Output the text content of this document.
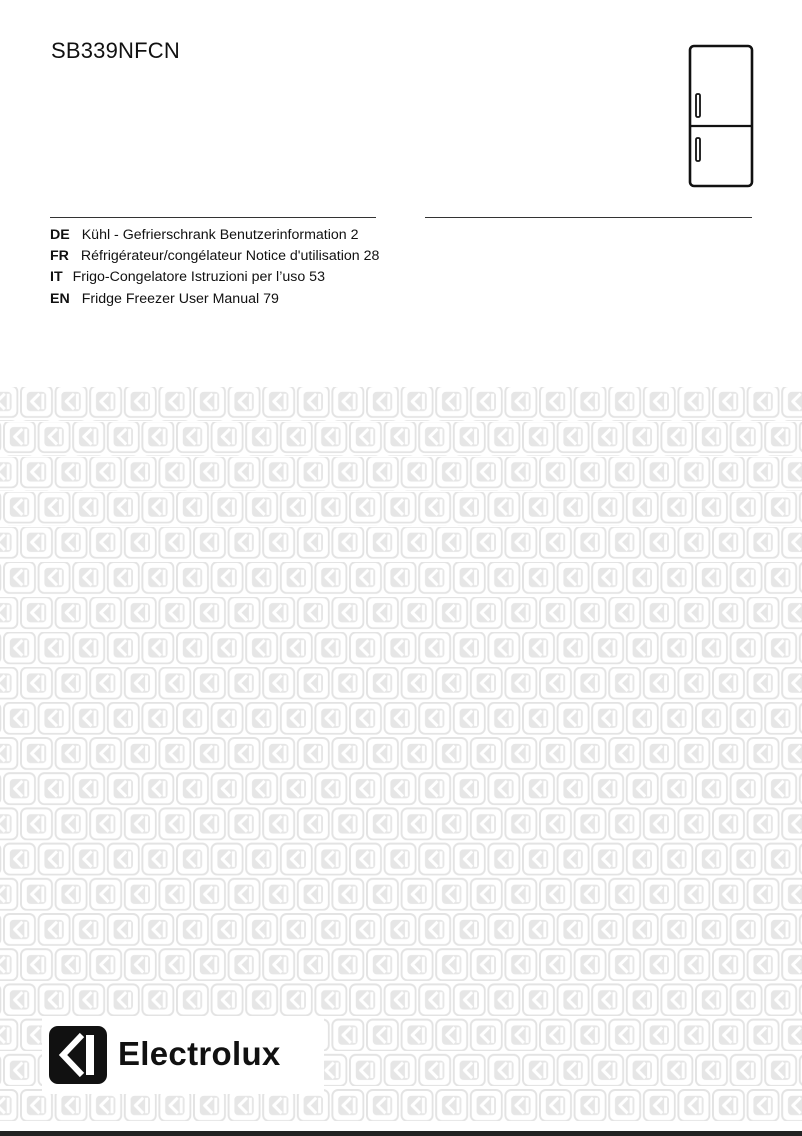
SB339NFCN
DE Kühl - Gefrierschrank Benutzerinformation 2
FR Réfrigérateur/congélateur Notice d'utilisation 28
IT Frigo-Congelatore Istruzioni per l’uso 53
EN Fridge Freezer User Manual 79
Electrolux
